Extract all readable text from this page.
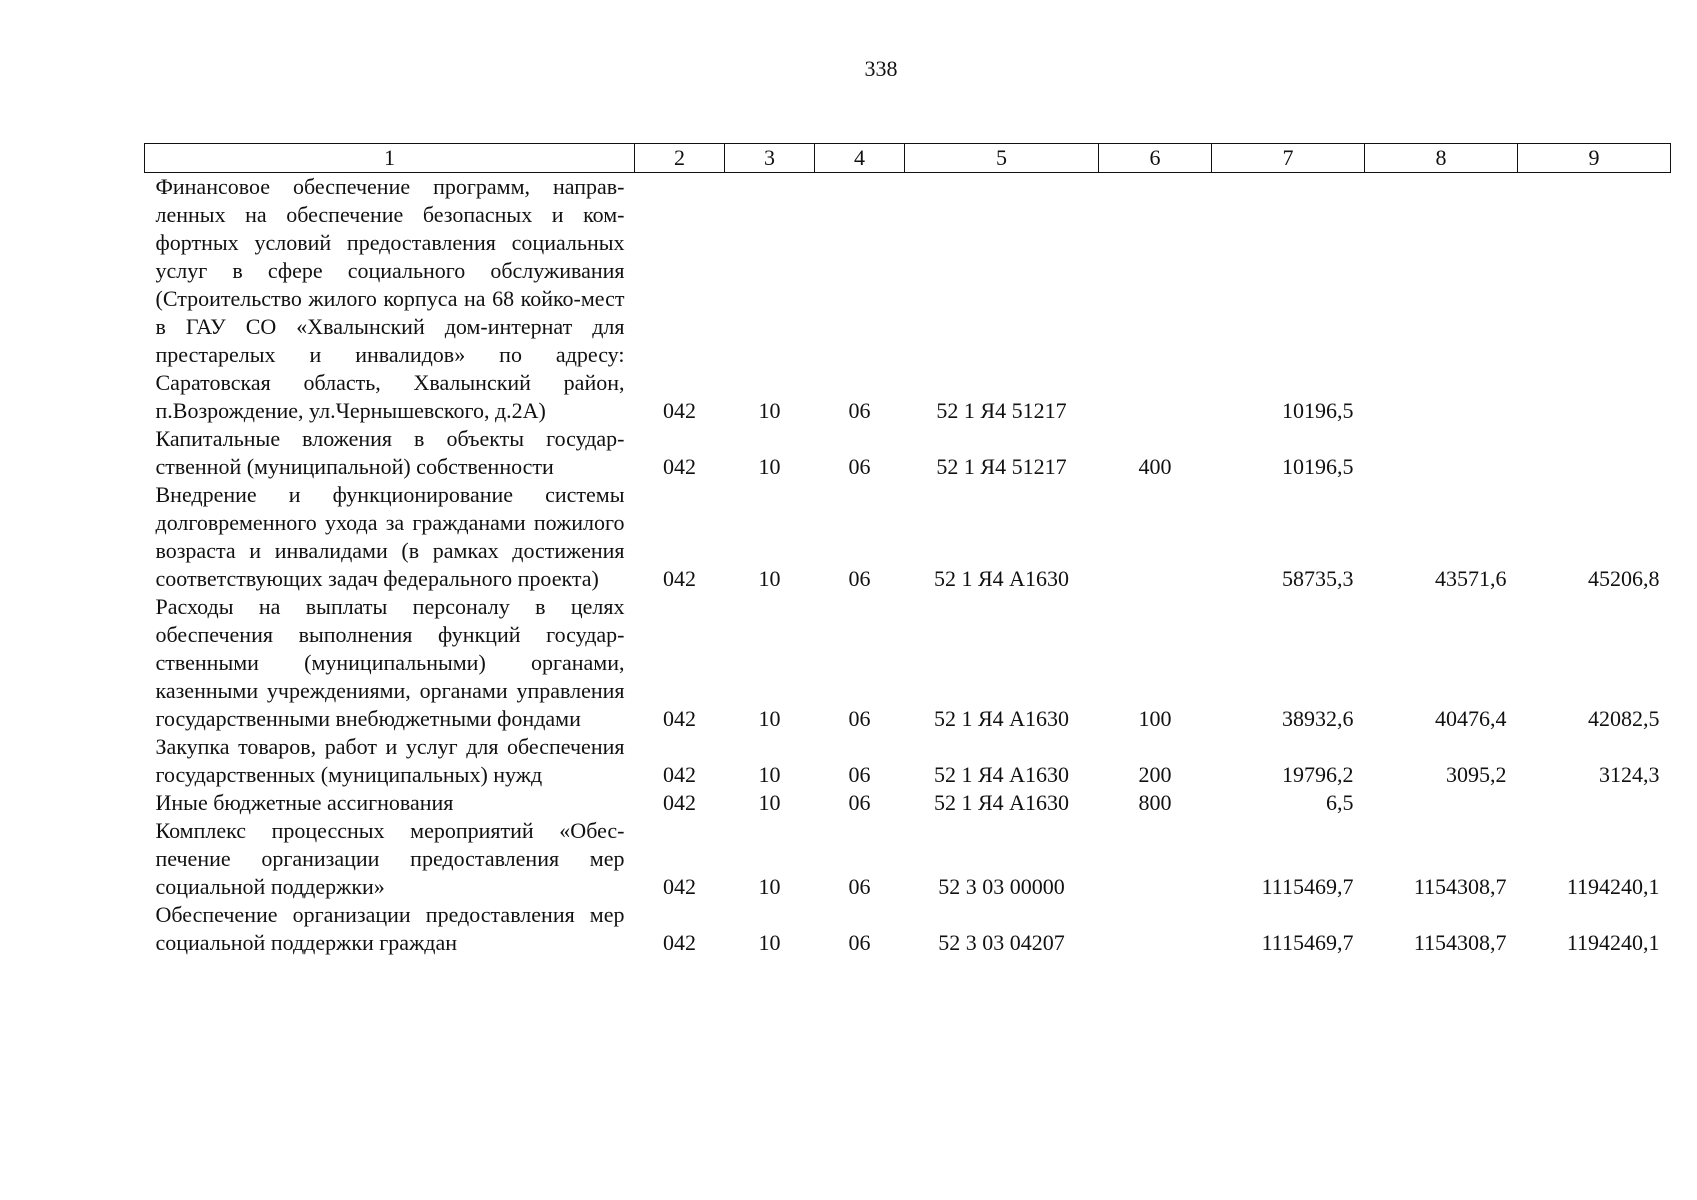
338
1	2	3	4	5	6	7	8	9
Финансовое обеспечение программ, направленных на обеспечение безопасных и комфортных условий предоставления социальных услуг в сфере социального обслуживания (Строительство жилого корпуса на 68 койко-мест в ГАУ СО «Хвалынский дом-интернат для престарелых и инвалидов» по адресу: Саратовская область, Хвалынский район, п.Возрождение, ул.Чернышевского, д.2А)	042	10	06	52 1 Я4 51217		10196,5		
Капитальные вложения в объекты государственной (муниципальной) собственности	042	10	06	52 1 Я4 51217	400	10196,5		
Внедрение и функционирование системы долговременного ухода за гражданами пожилого возраста и инвалидами (в рамках достижения соответствующих задач федерального проекта)	042	10	06	52 1 Я4 А1630		58735,3	43571,6	45206,8
Расходы на выплаты персоналу в целях обеспечения выполнения функций государственными (муниципальными) органами, казенными учреждениями, органами управления государственными внебюджетными фондами	042	10	06	52 1 Я4 А1630	100	38932,6	40476,4	42082,5
Закупка товаров, работ и услуг для обеспечения государственных (муниципальных) нужд	042	10	06	52 1 Я4 А1630	200	19796,2	3095,2	3124,3
Иные бюджетные ассигнования	042	10	06	52 1 Я4 А1630	800	6,5		
Комплекс процессных мероприятий «Обеспечение организации предоставления мер социальной поддержки»	042	10	06	52 3 03 00000		1115469,7	1154308,7	1194240,1
Обеспечение организации предоставления мер социальной поддержки граждан	042	10	06	52 3 03 04207		1115469,7	1154308,7	1194240,1
